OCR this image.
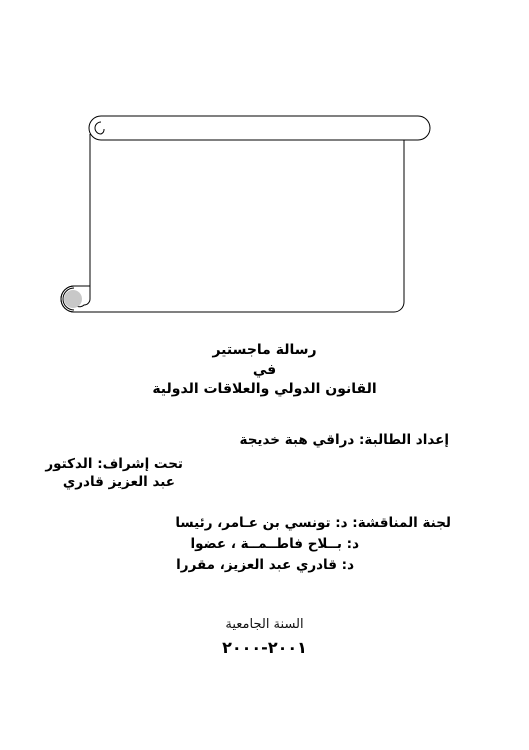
رسالة ماجستير
في
القانون الدولي والعلاقات الدولية
إعداد الطالبة: دراقي هبة خديجة
تحت إشراف: الدكتور
عبد العزيز قادري
لجنة المناقشة: د: تونسي بن عـامر، رئيسا
د: بــلاح فاطــمــة ، عضوا
د: قادري عبد العزيز، مقررا
السنة الجامعية
٢٠٠١-٢٠٠٠
